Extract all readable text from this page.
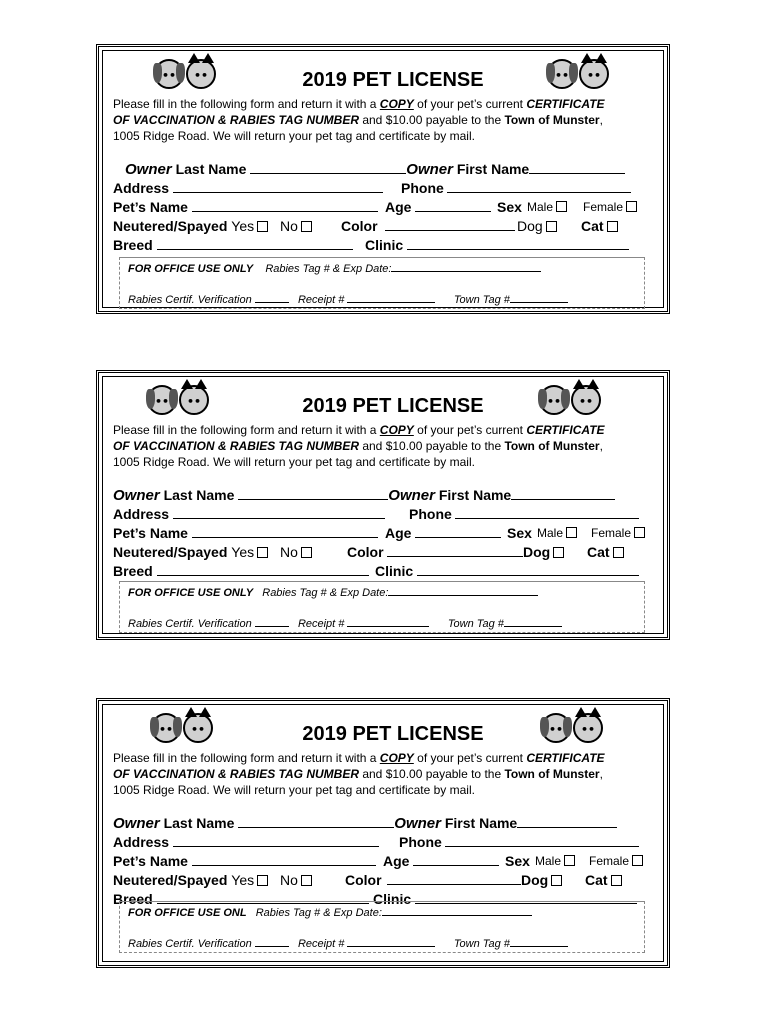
••	••	••	••
2019 PET LICENSE
Please fill in the following form and return it with a COPY of your pet’s current CERTIFICATE
OF VACCINATION & RABIES TAG NUMBER and $10.00 payable to the Town of Munster,
1005 Ridge Road. We will return your pet tag and certificate by mail.
Owner Last Name	Owner First Name
Address	Phone
Pet’s Name	Age	Sex Male	Female
Neutered/Spayed Yes No	Color	Dog	Cat
Breed	Clinic
FOR OFFICE USE ONLY Rabies Tag # & Exp Date:
Rabies Certif. Verification	Receipt #	Town Tag #
••	••	••	••
2019 PET LICENSE
Please fill in the following form and return it with a COPY of your pet’s current CERTIFICATE
OF VACCINATION & RABIES TAG NUMBER and $10.00 payable to the Town of Munster,
1005 Ridge Road. We will return your pet tag and certificate by mail.
Owner Last Name	Owner First Name
Address	Phone
Pet’s Name	Age	Sex Male	Female
Neutered/Spayed Yes No	Color	Dog	Cat
Breed	Clinic
FOR OFFICE USE ONLY Rabies Tag # & Exp Date:
Rabies Certif. Verification	Receipt #	Town Tag #
••	••	••	••
2019 PET LICENSE
Please fill in the following form and return it with a COPY of your pet’s current CERTIFICATE
OF VACCINATION & RABIES TAG NUMBER and $10.00 payable to the Town of Munster,
1005 Ridge Road. We will return your pet tag and certificate by mail.
Owner Last Name	Owner First Name
Address	Phone
Pet’s Name	Age	Sex Male	Female
Neutered/Spayed Yes No	Color	Dog	Cat
Breed	Clinic
FOR OFFICE USE ONL Rabies Tag # & Exp Date:
Rabies Certif. Verification	Receipt #	Town Tag #
